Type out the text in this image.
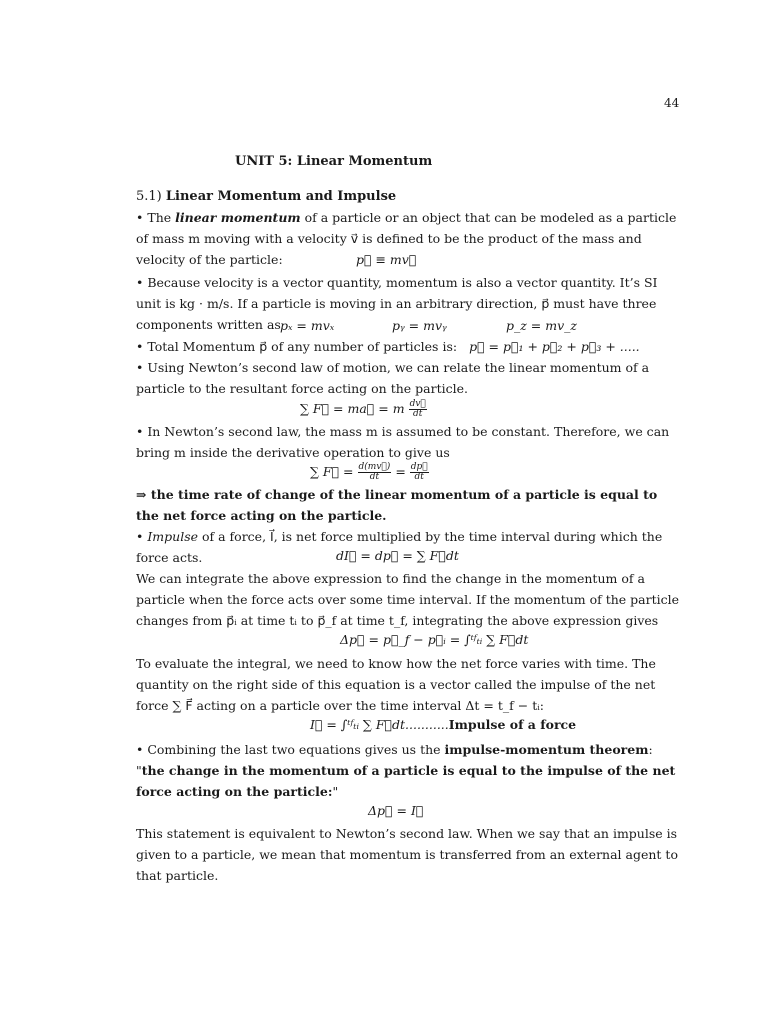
44
UNIT 5: Linear Momentum
5.1) Linear Momentum and Impulse
• The linear momentum of a particle or an object that can be modeled as a particle of mass m moving with a velocity v⃗ is defined to be the product of the mass and velocity of the particle:	p⃗ ≡ mv⃗
• Because velocity is a vector quantity, momentum is also a vector quantity. It’s SI unit is kg · m/s. If a particle is moving in an arbitrary direction, p⃗ must have three components written as pₓ = mvₓ	pᵧ = mvᵧ	p_z = mv_z
• Total Momentum p⃗ of any number of particles is: p⃗ = p⃗₁ + p⃗₂ + p⃗₃ + .....
• Using Newton’s second law of motion, we can relate the linear momentum of a particle to the resultant force acting on the particle.
∑ F⃗ = ma⃗ = m $\frac{dv⃗}{dt}$
• In Newton’s second law, the mass m is assumed to be constant. Therefore, we can bring m inside the derivative operation to give us
∑ F⃗ = $\frac{d(mv⃗)}{dt} = \frac{dp⃗}{dt}$
⇒ the time rate of change of the linear momentum of a particle is equal to the net force acting on the particle.
• Impulse of a force, I⃗, is net force multiplied by the time interval during which the force acts.	dI⃗ = dp⃗ = ∑ F⃗dt
We can integrate the above expression to find the change in the momentum of a particle when the force acts over some time interval. If the momentum of the particle changes from p⃗ᵢ at time tᵢ to p⃗_f at time t_f, integrating the above expression gives
Δp⃗ = p⃗_f − p⃗ᵢ = ∫ᵗᶠₜᵢ ∑ F⃗dt
To evaluate the integral, we need to know how the net force varies with time. The quantity on the right side of this equation is a vector called the impulse of the net force ∑ F⃗ acting on a particle over the time interval Δt = t_f − tᵢ:
I⃗ = ∫ᵗᶠₜᵢ ∑ F⃗dt...........Impulse of a force
• Combining the last two equations gives us the impulse-momentum theorem: "the change in the momentum of a particle is equal to the impulse of the net force acting on the particle:"
Δp⃗ = I⃗
This statement is equivalent to Newton’s second law. When we say that an impulse is given to a particle, we mean that momentum is transferred from an external agent to that particle.
